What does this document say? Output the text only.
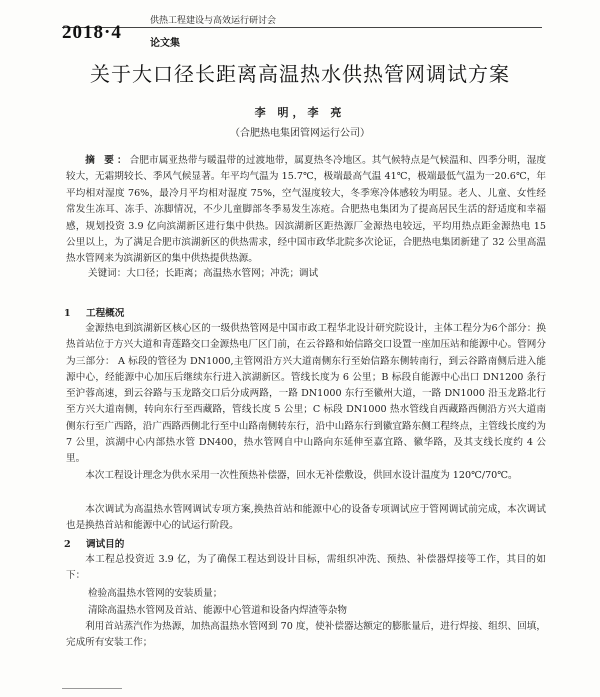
2018·4
供热工程建设与高效运行研讨会
论文集
关于大口径长距离高温热水供热管网调试方案
李 明，李 亮
（合肥热电集团管网运行公司）

摘 要：合肥市属亚热带与暖温带的过渡地带，属夏热冬冷地区。其气候特点是气候温和、四季分明，湿度较大，无霜期较长、季风气候显著。年平均气温为 15.7℃，极端最高气温 41℃，极端最低气温为一20.6℃，年平均相对湿度 76%，最冷月平均相对湿度 75%，空气湿度较大，冬季寒冷体感较为明显。老人、儿童、女性经常发生冻耳、冻手、冻脚情况，不少儿童脚部冬季易发生冻疮。合肥热电集团为了提高居民生活的舒适度和幸福感，规划投资 3.9 亿向滨湖新区进行集中供热。因滨湖新区距热源厂金源热电较远，平均用热点距金源热电 15 公里以上，为了满足合肥市滨湖新区的供热需求，经中国市政华北院多次论证，合肥热电集团新建了 32 公里高温热水管网来为滨湖新区的集中供热提供热源。

关键词：大口径；长距离；高温热水管网；冲洗；调试

1 工程概况

金源热电到滨湖新区核心区的一级供热管网是中国市政工程华北设计研究院设计，主体工程分为6个部分：换热首站位于方兴大道和青莲路交口金源热电厂区门前，在云谷路和始信路交口设置一座加压站和能源中心。管网分为三部分： A 标段的管径为 DN1000,主管网沿方兴大道南侧东行至始信路东侧转南行，到云谷路南侧后进入能源中心，经能源中心加压后继续东行进入滨湖新区。管线长度为 6 公里；B 标段自能源中心出口 DN1200 条行至沪蓉高速，到云谷路与玉龙路交口后分成两路，一路 DN1000 东行至徽州大道，一路 DN1000 沿玉龙路北行至方兴大道南侧，转向东行至西藏路，管线长度 5 公里；C 标段 DN1000 热水管线自西藏路西侧沿方兴大道南侧东行至广西路，沿广西路西侧北行至中山路南侧转东行，沿中山路东行到徽宜路东侧工程终点，主管线长度约为 7 公里，滨湖中心内部热水管 DN400，热水管网自中山路向东延伸至嘉宜路、徽华路，及其支线长度约 4 公里。

本次工程设计理念为供水采用一次性预热补偿器，回水无补偿敷设，供回水设计温度为 120℃/70℃。

本次调试为高温热水管网调试专项方案,换热首站和能源中心的设备专项调试应于管网调试前完成，本次调试也是换热首站和能源中心的试运行阶段。

2 调试目的

本工程总投资近 3.9 亿，为了确保工程达到设计目标，需组织冲洗、预热、补偿器焊接等工作，其目的如下：

检验高温热水管网的安装质量；

清除高温热水管网及首站、能源中心管道和设备内焊渣等杂物

利用首站蒸汽作为热源，加热高温热水管网到 70 度，使补偿器达额定的膨胀量后，进行焊接、组织、回填，完成所有安装工作；
